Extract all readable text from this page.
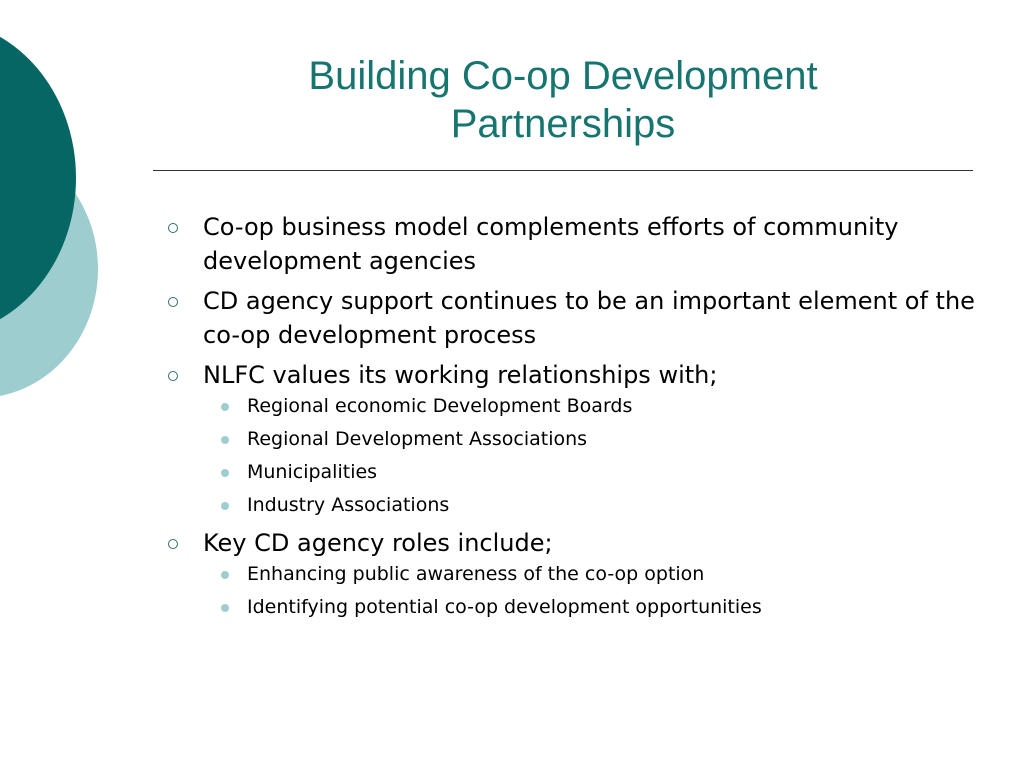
Building Co-op Development
Partnerships
Co-op business model complements efforts of community development agencies
CD agency support continues to be an important element of the co-op development process
NLFC values its working relationships with;
Regional economic Development Boards
Regional Development Associations
Municipalities
Industry Associations
Key CD agency roles include;
Enhancing public awareness of the co-op option
Identifying potential co-op development opportunities
